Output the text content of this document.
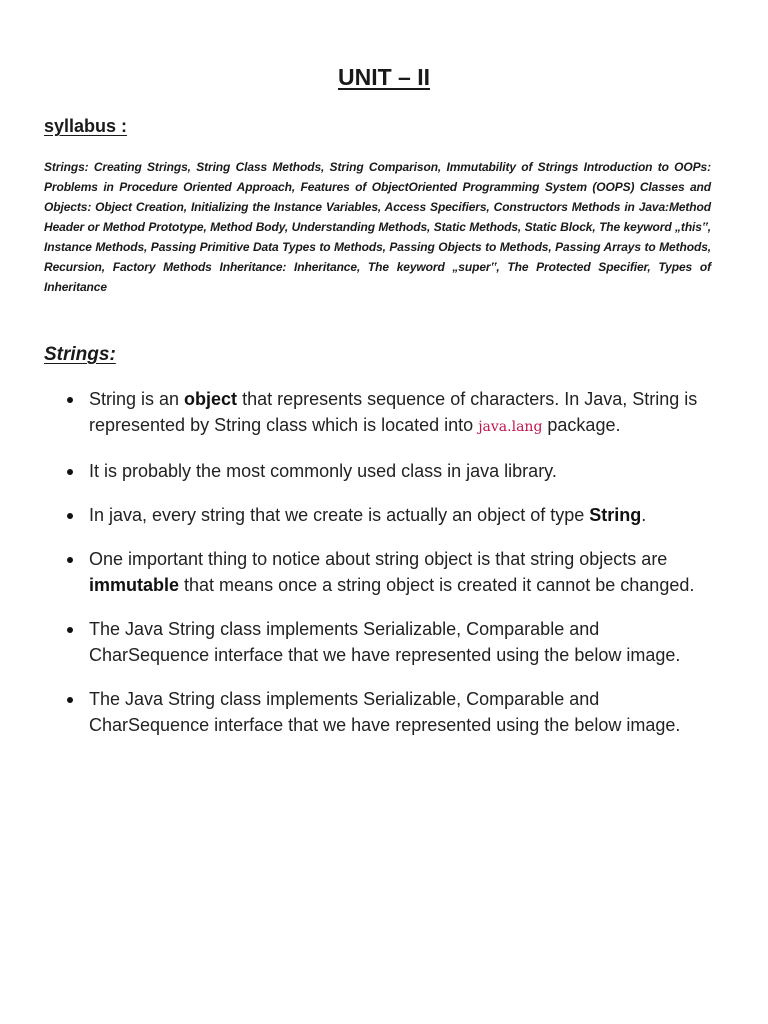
UNIT – II
syllabus :

Strings: Creating Strings, String Class Methods, String Comparison, Immutability of Strings Introduction to OOPs: Problems in Procedure Oriented Approach, Features of ObjectOriented Programming System (OOPS) Classes and Objects: Object Creation, Initializing the Instance Variables, Access Specifiers, Constructors Methods in Java:Method Header or Method Prototype, Method Body, Understanding Methods, Static Methods, Static Block, The keyword „this‟, Instance Methods, Passing Primitive Data Types to Methods, Passing Objects to Methods, Passing Arrays to Methods, Recursion, Factory Methods Inheritance: Inheritance, The keyword „super‟, The Protected Specifier, Types of Inheritance

Strings:
String is an object that represents sequence of characters. In Java, String is represented by String class which is located into java.lang package.
It is probably the most commonly used class in java library.
In java, every string that we create is actually an object of type String.
One important thing to notice about string object is that string objects are immutable that means once a string object is created it cannot be changed.
The Java String class implements Serializable, Comparable and CharSequence interface that we have represented using the below image.
The Java String class implements Serializable, Comparable and CharSequence interface that we have represented using the below image.
